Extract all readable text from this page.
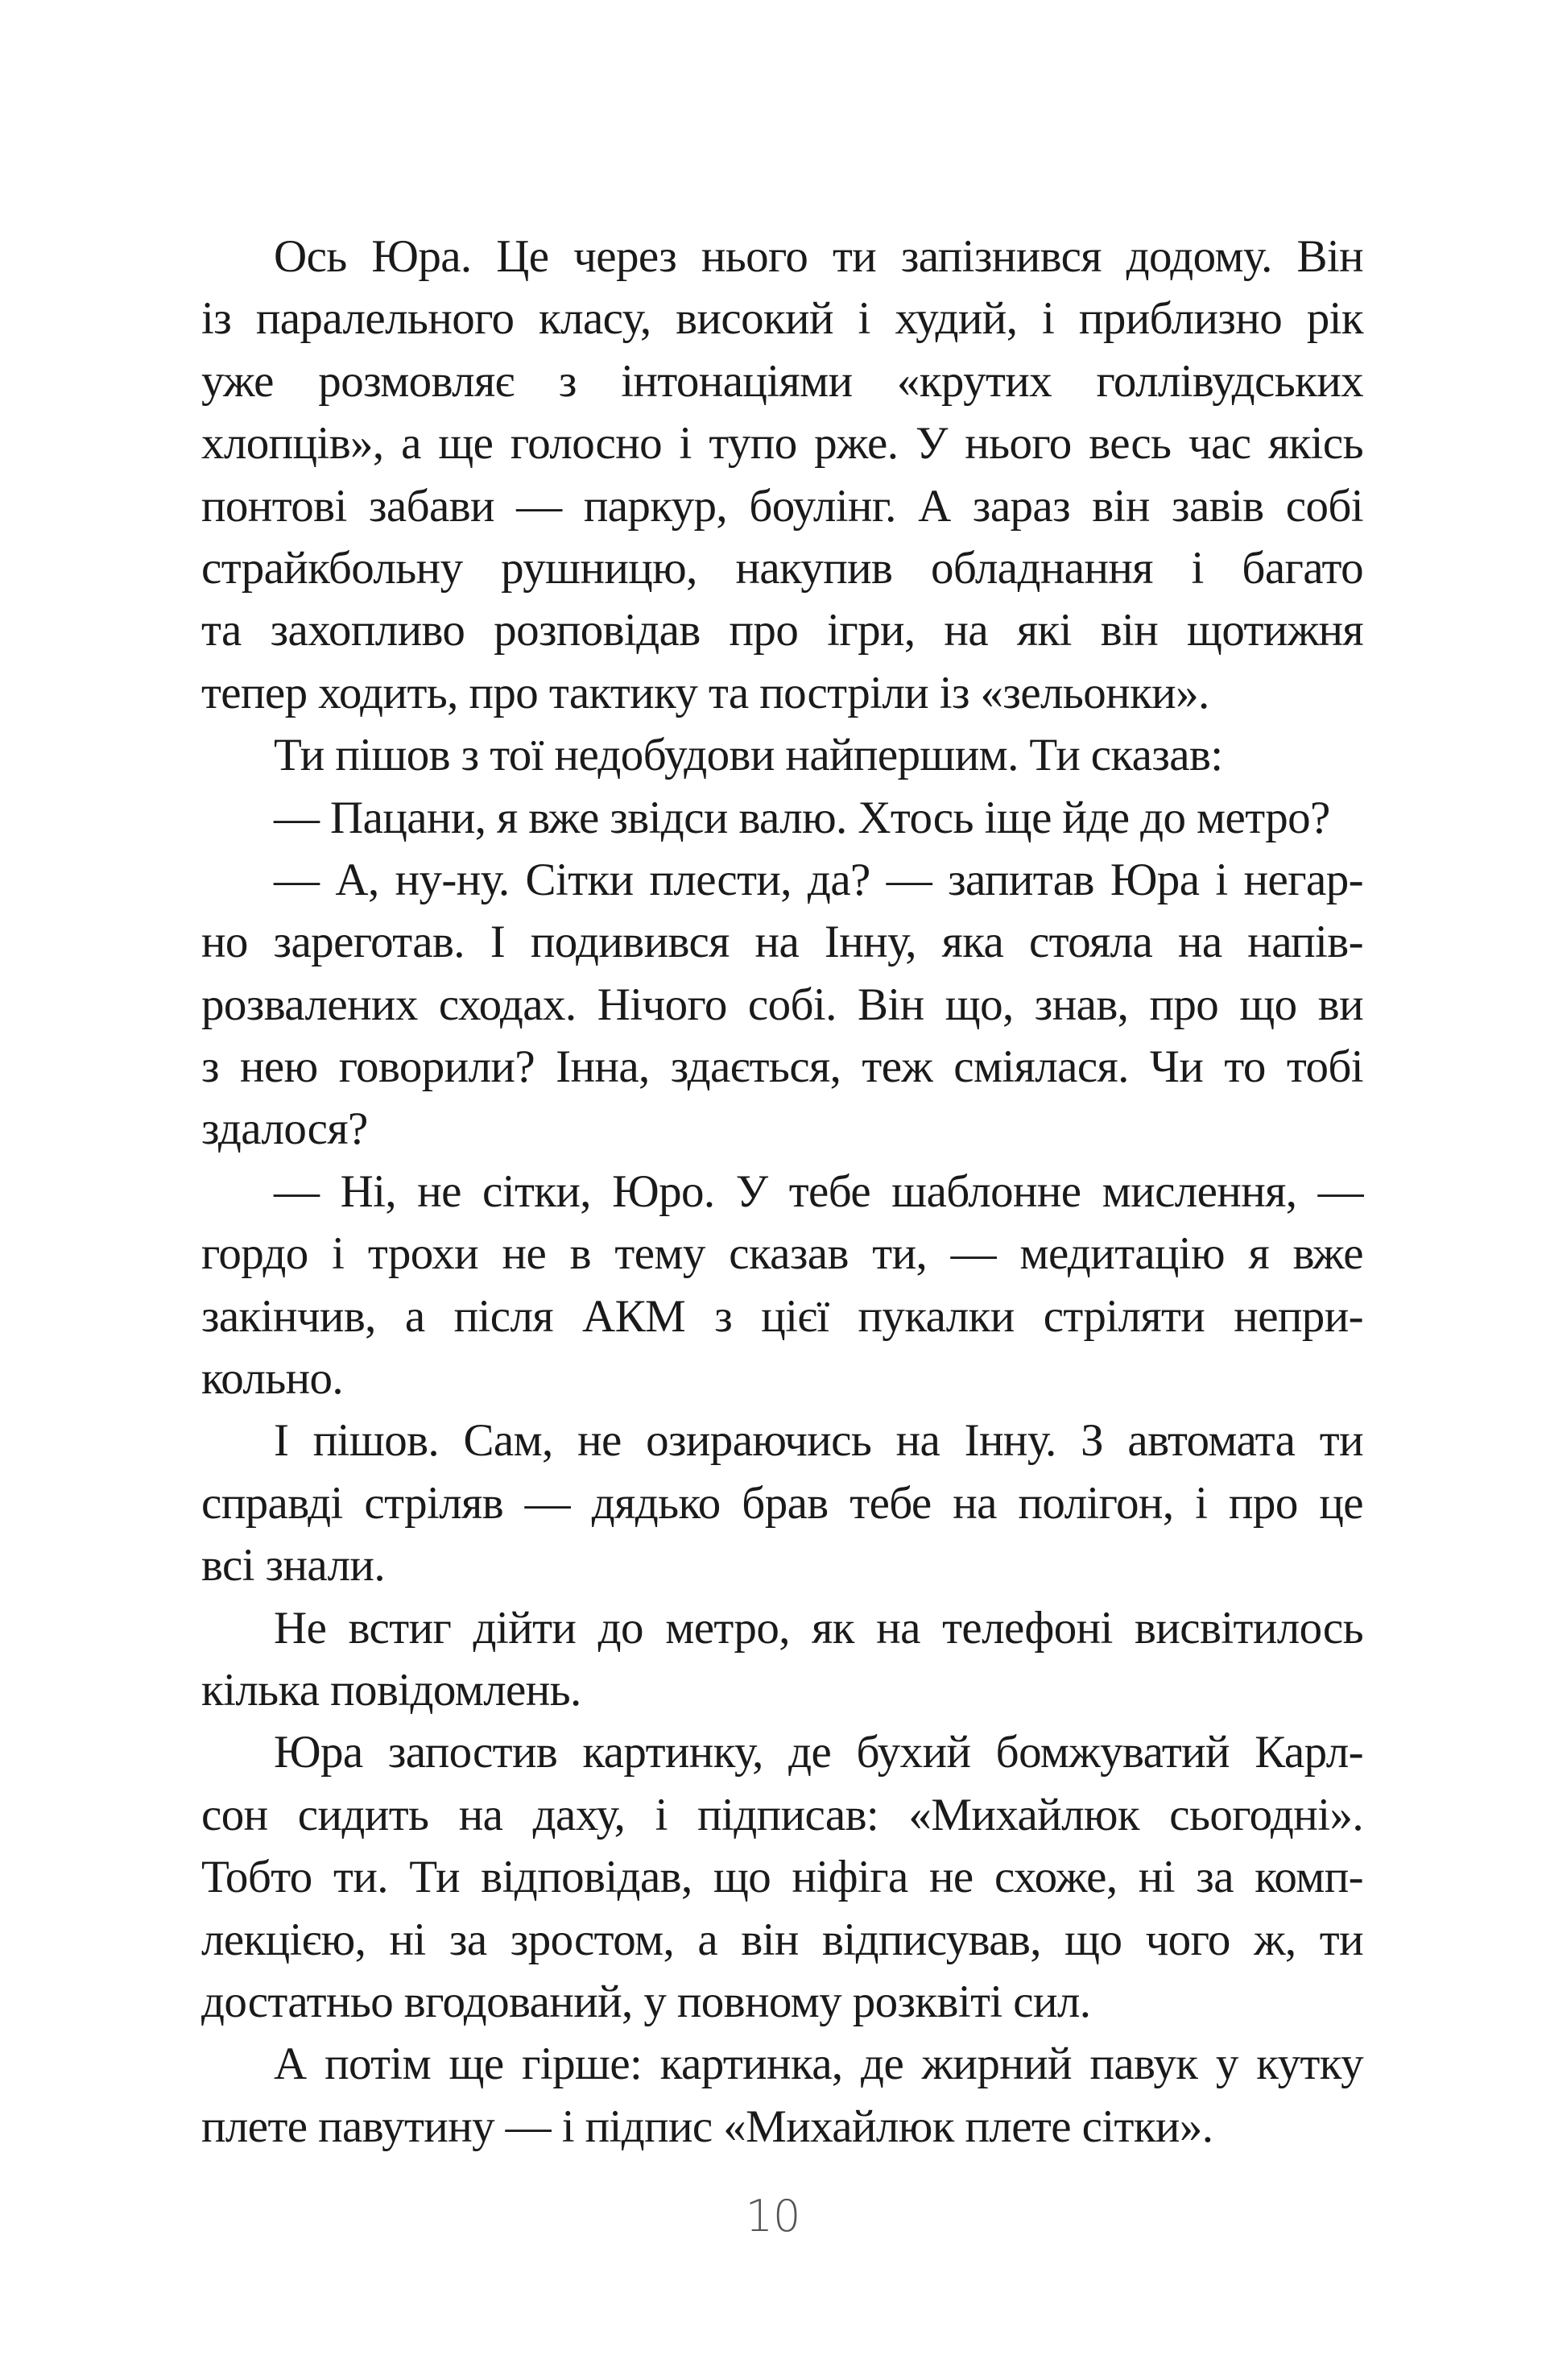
Ось Юра. Це через нього ти запізнився додому. Він
із паралельного класу, високий і худий, і приблизно рік
уже розмовляє з інтонаціями «крутих голлівудських
хлопців», а ще голосно і тупо рже. У нього весь час якісь
понтові забави — паркур, боулінг. А зараз він завів собі
страйкбольну рушницю, накупив обладнання і багато
та захопливо розповідав про ігри, на які він щотижня
тепер ходить, про тактику та постріли із «зельонки».
Ти пішов з тої недобудови найпершим. Ти сказав:
— Пацани, я вже звідси валю. Хтось іще йде до метро?
— А, ну-ну. Сітки плести, да? — запитав Юра і негар-
но зареготав. І подивився на Інну, яка стояла на напів-
розвалених сходах. Нічого собі. Він що, знав, про що ви
з нею говорили? Інна, здається, теж сміялася. Чи то тобі
здалося?
— Ні, не сітки, Юро. У тебе шаблонне мислення, —
гордо і трохи не в тему сказав ти, — медитацію я вже
закінчив, а після АКМ з цієї пукалки стріляти непри-
кольно.
І пішов. Сам, не озираючись на Інну. З автомата ти
справді стріляв — дядько брав тебе на полігон, і про це
всі знали.
Не встиг дійти до метро, як на телефоні висвітилось
кілька повідомлень.
Юра запостив картинку, де бухий бомжуватий Карл-
сон сидить на даху, і підписав: «Михайлюк сьогодні».
Тобто ти. Ти відповідав, що ніфіга не схоже, ні за комп-
лекцією, ні за зростом, а він відписував, що чого ж, ти
достатньо вгодований, у повному розквіті сил.
А потім ще гірше: картинка, де жирний павук у кутку
плете павутину — і підпис «Михайлюк плете сітки».
10
